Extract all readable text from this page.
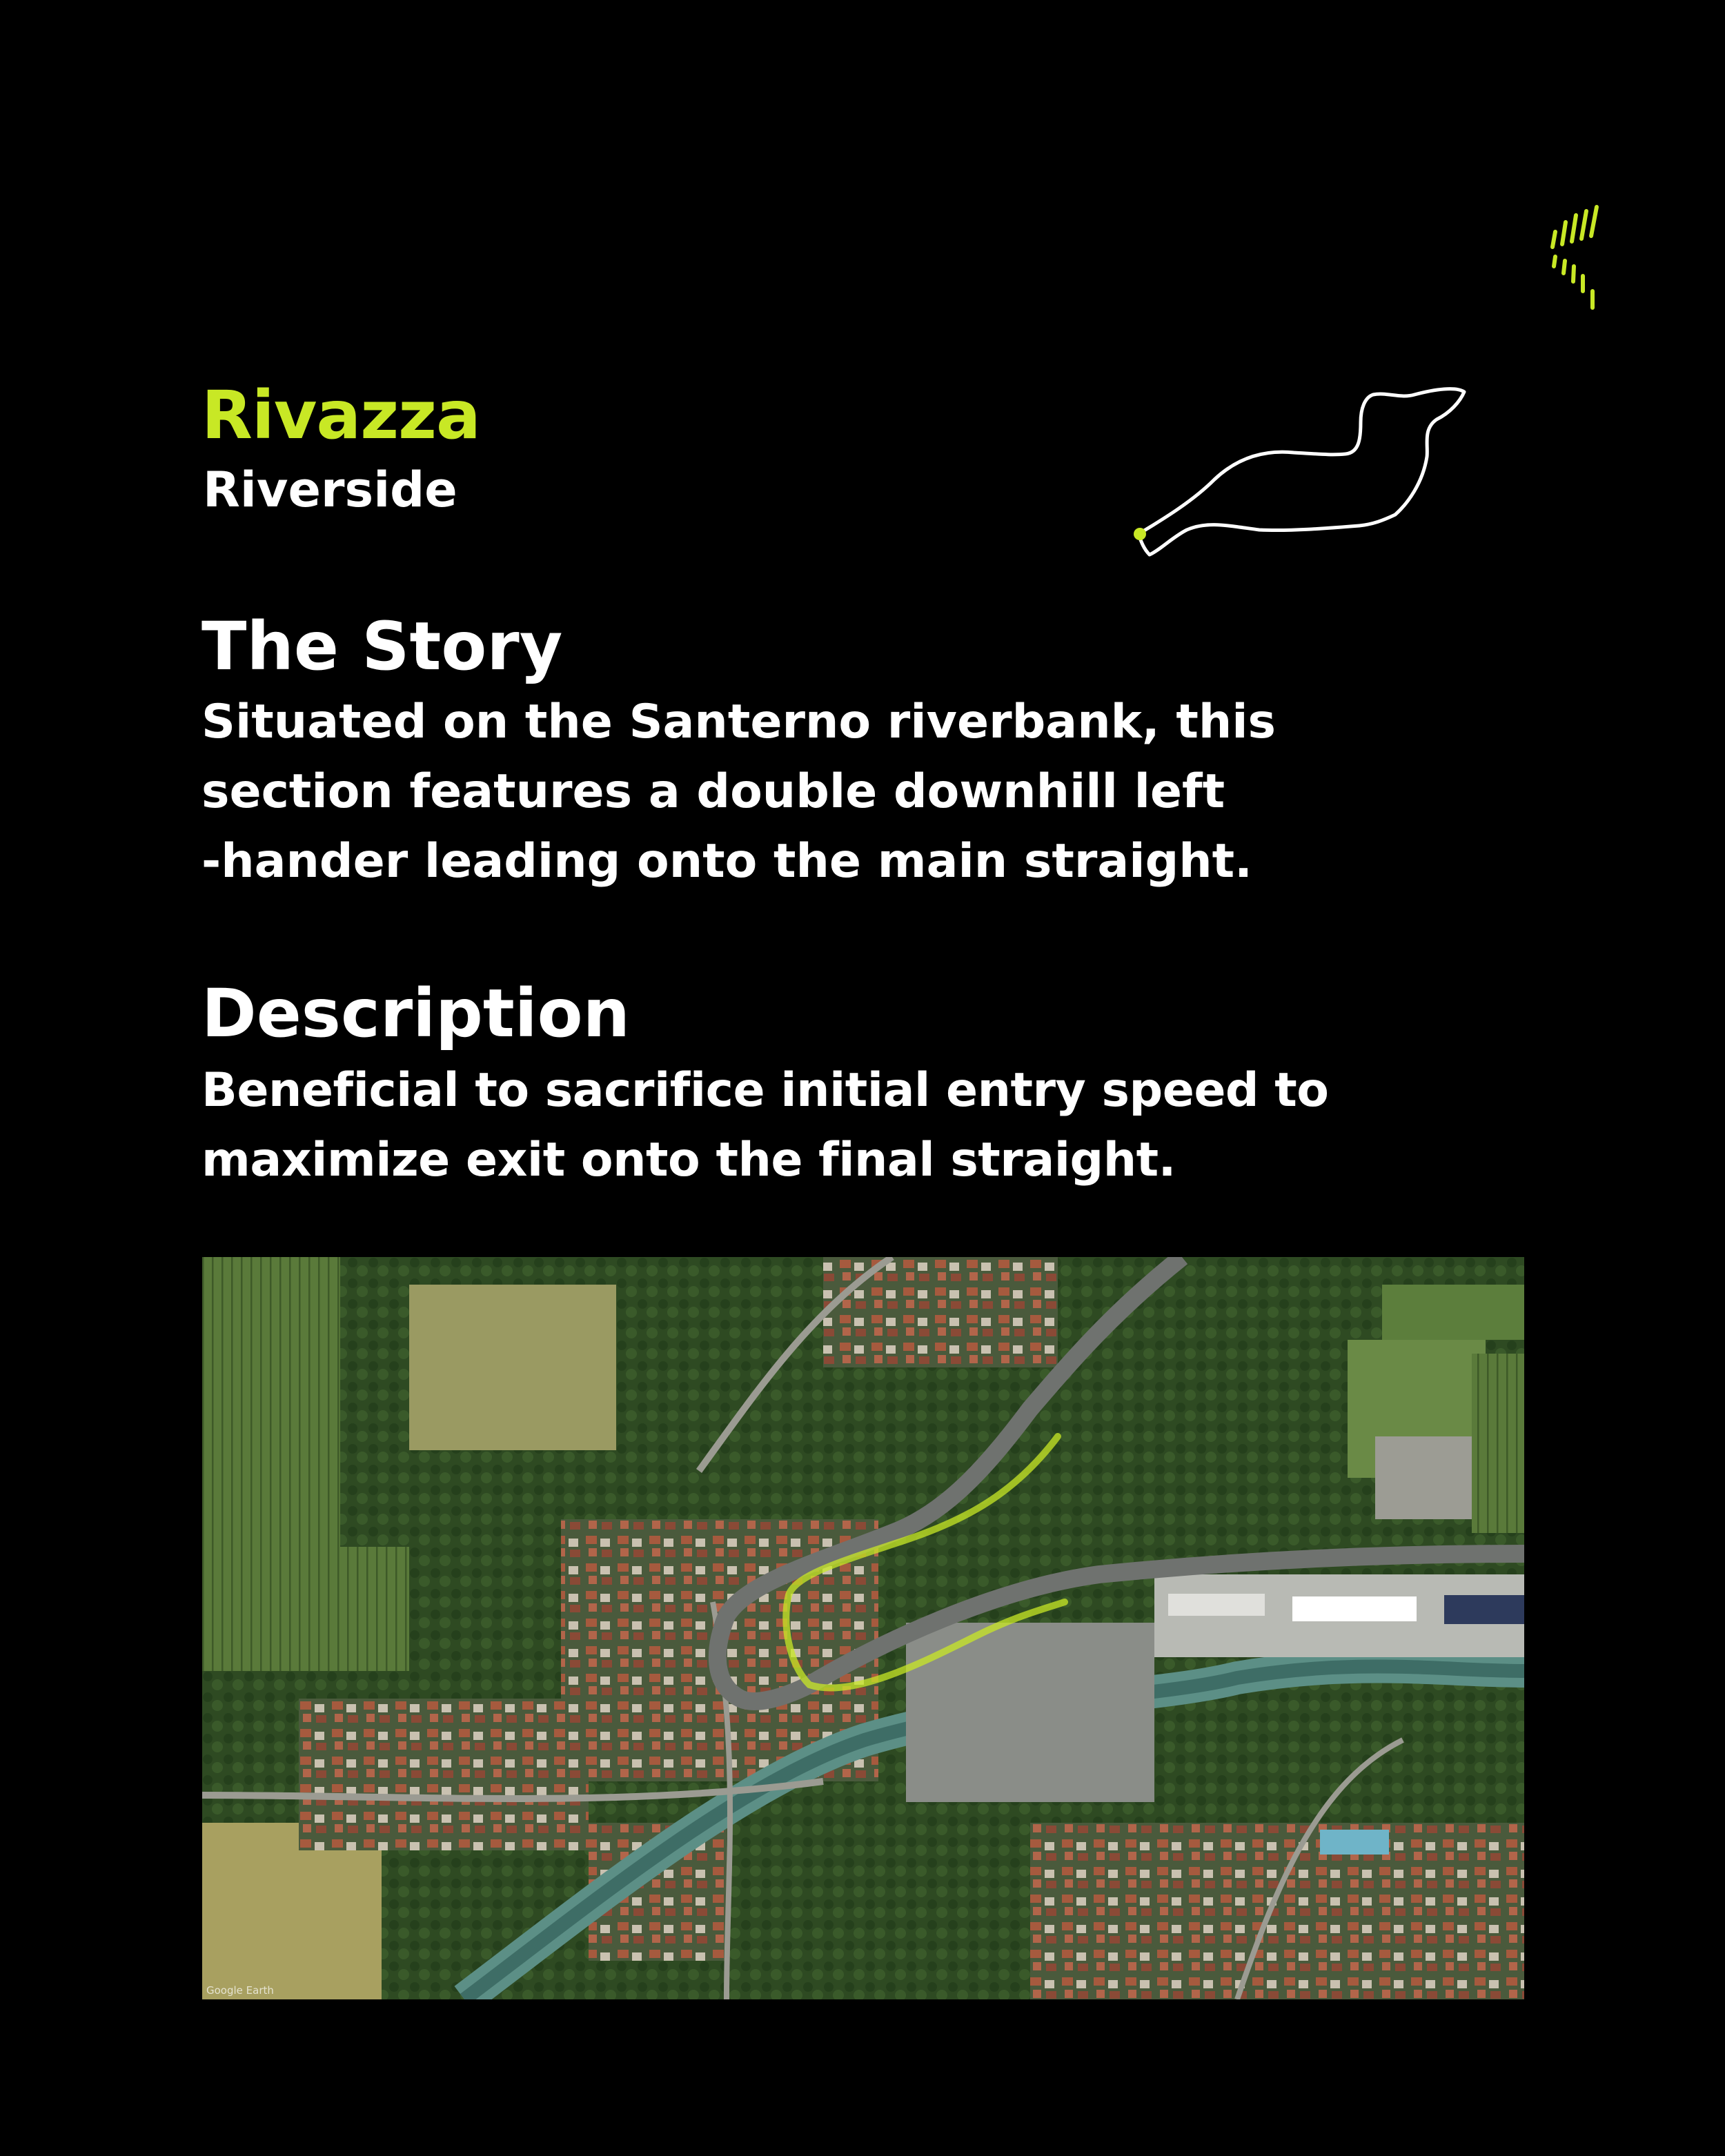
Rivazza

Riverside

The Story

Situated on the Santerno riverbank, this
section features a double downhill left
-hander leading onto the main straight.

Description

Beneficial to sacrifice initial entry speed to
maximize exit onto the final straight.

Google Earth
